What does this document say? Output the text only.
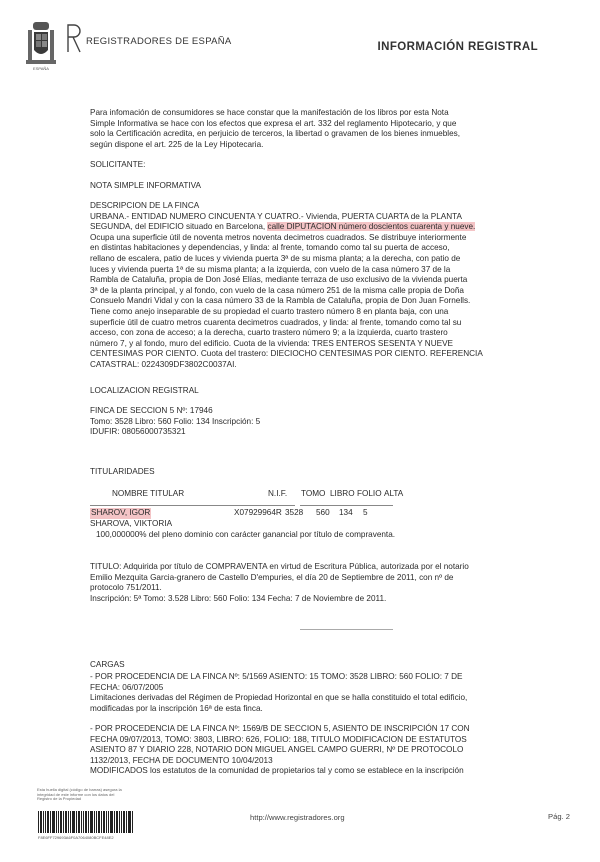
ESPAÑA
REGISTRADORES DE ESPAÑA	INFORMACIÓN REGISTRAL
Para infomación de consumidores se hace constar que la manifestación de los libros por esta Nota
Simple Informativa se hace con los efectos que expresa el art. 332 del reglamento Hipotecario, y que
solo la Certificación acredita, en perjuicio de terceros, la libertad o gravamen de los bienes inmuebles,
según dispone el art. 225 de la Ley Hipotecaria.
SOLICITANTE:
NOTA SIMPLE INFORMATIVA
DESCRIPCION DE LA FINCA
URBANA.- ENTIDAD NUMERO CINCUENTA Y CUATRO.- Vivienda, PUERTA CUARTA de la PLANTA
SEGUNDA, del EDIFICIO situado en Barcelona, calle DIPUTACION número doscientos cuarenta y nueve.
Ocupa una superficie útil de noventa metros noventa decimetros cuadrados. Se distribuye interiormente
en distintas habitaciones y dependencias, y linda: al frente, tomando como tal su puerta de acceso,
rellano de escalera, patio de luces y vivienda puerta 3ª de su misma planta; a la derecha, con patio de
luces y vivienda puerta 1ª de su misma planta; a la izquierda, con vuelo de la casa número 37 de la
Rambla de Cataluña, propia de Don José Elías, mediante terraza de uso exclusivo de la vivienda puerta
3ª de la planta principal, y al fondo, con vuelo de la casa número 251 de la misma calle propia de Doña
Consuelo Mandri Vidal y con la casa número 33 de la Rambla de Cataluña, propia de Don Juan Fornells.
Tiene como anejo inseparable de su propiedad el cuarto trastero número 8 en planta baja, con una
superficie útil de cuatro metros cuarenta decimetros cuadrados, y linda: al frente, tomando como tal su
acceso, con zona de acceso; a la derecha, cuarto trastero número 9; a la izquierda, cuarto trastero
número 7, y al fondo, muro del edificio. Cuota de la vivienda: TRES ENTEROS SESENTA Y NUEVE
CENTESIMAS POR CIENTO. Cuota del trastero: DIECIOCHO CENTESIMAS POR CIENTO. REFERENCIA
CATASTRAL: 0224309DF3802C0037AI.
LOCALIZACION REGISTRAL
FINCA DE SECCION 5 Nº: 17946
Tomo: 3528 Libro: 560 Folio: 134 Inscripción: 5
IDUFIR: 08056000735321
TITULARIDADES
NOMBRE TITULAR	N.I.F. TOMO LIBRO FOLIO ALTA
SHAROV, IGOR	X07929964R 3528 560 134 5
SHAROVA, VIKTORIA
100,000000% del pleno dominio con carácter ganancial por título de compraventa.
TITULO: Adquirida por título de COMPRAVENTA en virtud de Escritura Pública, autorizada por el notario
Emilio Mezquita Garcia-granero de Castello D'empuries, el día 20 de Septiembre de 2011, con nº de
protocolo 751/2011.
Inscripción: 5ª Tomo: 3.528 Libro: 560 Folio: 134 Fecha: 7 de Noviembre de 2011.
CARGAS
- POR PROCEDENCIA DE LA FINCA Nº: 5/1569 ASIENTO: 15 TOMO: 3528 LIBRO: 560 FOLIO: 7 DE
FECHA: 06/07/2005
Limitaciones derivadas del Régimen de Propiedad Horizontal en que se halla constituido el total edificio,
modificadas por la inscripción 16ª de esta finca.
- POR PROCEDENCIA DE LA FINCA Nº: 1569/B DE SECCION 5, ASIENTO DE INSCRIPCIÓN 17 CON
FECHA 09/07/2013, TOMO: 3803, LIBRO: 626, FOLIO: 188, TITULO MODIFICACION DE ESTATUTOS
ASIENTO 87 Y DIARIO 228, NOTARIO DON MIGUEL ANGEL CAMPO GUERRI, Nº DE PROTOCOLO
1132/2013, FECHA DE DOCUMENTO 10/04/2013
MODIFICADOS los estatutos de la comunidad de propietarios tal y como se establece en la inscripción
Esta huella digital (código de barras) asegura la integridad de este informe con los datos del Registro de la Propiedad
F8E6FF729693A6F0A7064080BCFE48E2
http://www.registradores.org	Pág. 2
